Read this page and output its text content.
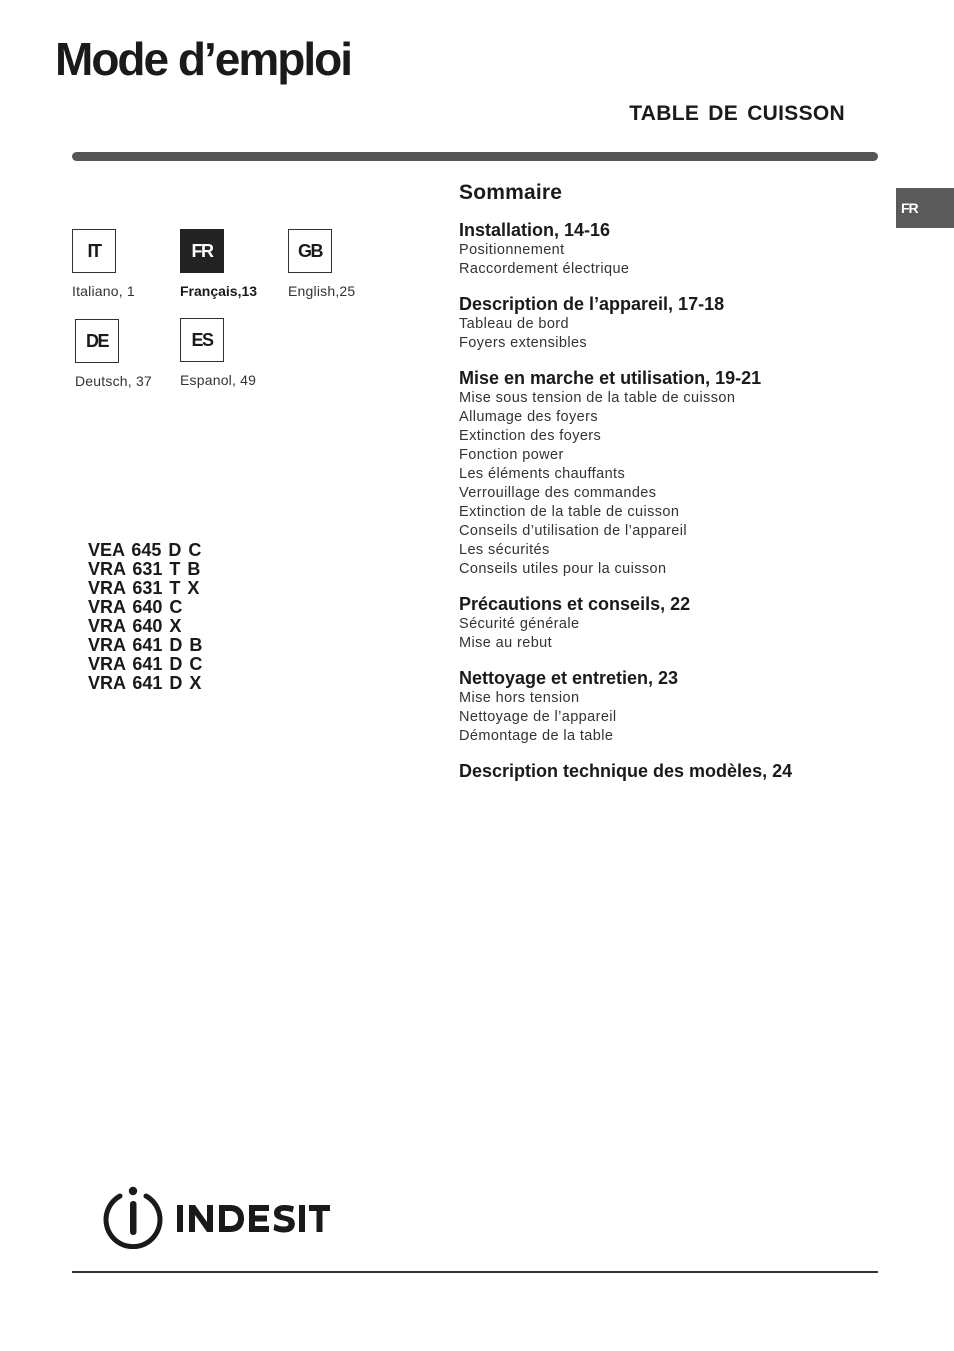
Mode d’emploi
TABLE DE CUISSON
FR
IT
Italiano, 1
FR
Français,13
GB
English,25
DE
Deutsch, 37
ES
Espanol, 49
VEA 645 D C
VRA 631 T B
VRA 631 T X
VRA 640 C
VRA 640 X
VRA 641 D B
VRA 641 D C
VRA 641 D X
Sommaire
Installation, 14-16
Positionnement
Raccordement électrique
Description de l’appareil, 17-18
Tableau de bord
Foyers extensibles
Mise en marche et utilisation, 19-21
Mise sous tension de la table de cuisson
Allumage des foyers
Extinction des foyers
Fonction power
Les éléments chauffants
Verrouillage des commandes
Extinction de la table de cuisson
Conseils d’utilisation de l’appareil
Les sécurités
Conseils utiles pour la cuisson
Précautions et conseils, 22
Sécurité générale
Mise au rebut
Nettoyage et entretien, 23
Mise hors tension
Nettoyage de l’appareil
Démontage de la table
Description technique des modèles, 24
